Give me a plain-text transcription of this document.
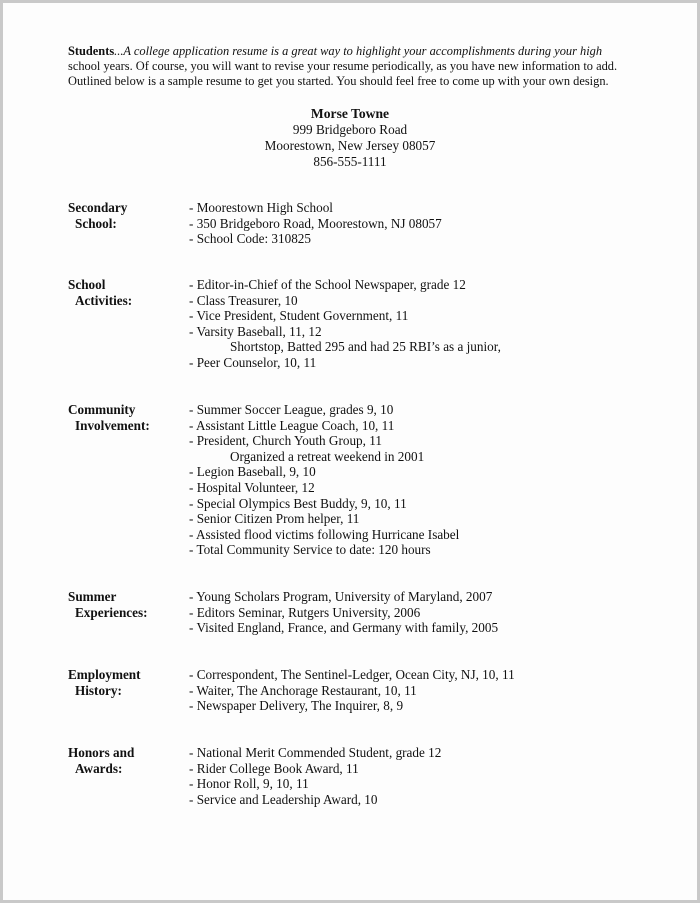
Students...A college application resume is a great way to highlight your accomplishments during your high
school years. Of course, you will want to revise your resume periodically, as you have new information to add.
Outlined below is a sample resume to get you started. You should feel free to come up with your own design.
Morse Towne
999 Bridgeboro Road
Moorestown, New Jersey 08057
856-555-1111
Secondary
School:
- Moorestown High School
- 350 Bridgeboro Road, Moorestown, NJ 08057
- School Code: 310825
School
Activities:
- Editor-in-Chief of the School Newspaper, grade 12
- Class Treasurer, 10
- Vice President, Student Government, 11
- Varsity Baseball, 11, 12
Shortstop, Batted 295 and had 25 RBI’s as a junior,
- Peer Counselor, 10, 11
Community
Involvement:
- Summer Soccer League, grades 9, 10
- Assistant Little League Coach, 10, 11
- President, Church Youth Group, 11
Organized a retreat weekend in 2001
- Legion Baseball, 9, 10
- Hospital Volunteer, 12
- Special Olympics Best Buddy, 9, 10, 11
- Senior Citizen Prom helper, 11
- Assisted flood victims following Hurricane Isabel
- Total Community Service to date: 120 hours
Summer
Experiences:
- Young Scholars Program, University of Maryland, 2007
- Editors Seminar, Rutgers University, 2006
- Visited England, France, and Germany with family, 2005
Employment
History:
- Correspondent, The Sentinel-Ledger, Ocean City, NJ, 10, 11
- Waiter, The Anchorage Restaurant, 10, 11
- Newspaper Delivery, The Inquirer, 8, 9
Honors and
Awards:
- National Merit Commended Student, grade 12
- Rider College Book Award, 11
- Honor Roll, 9, 10, 11
- Service and Leadership Award, 10
